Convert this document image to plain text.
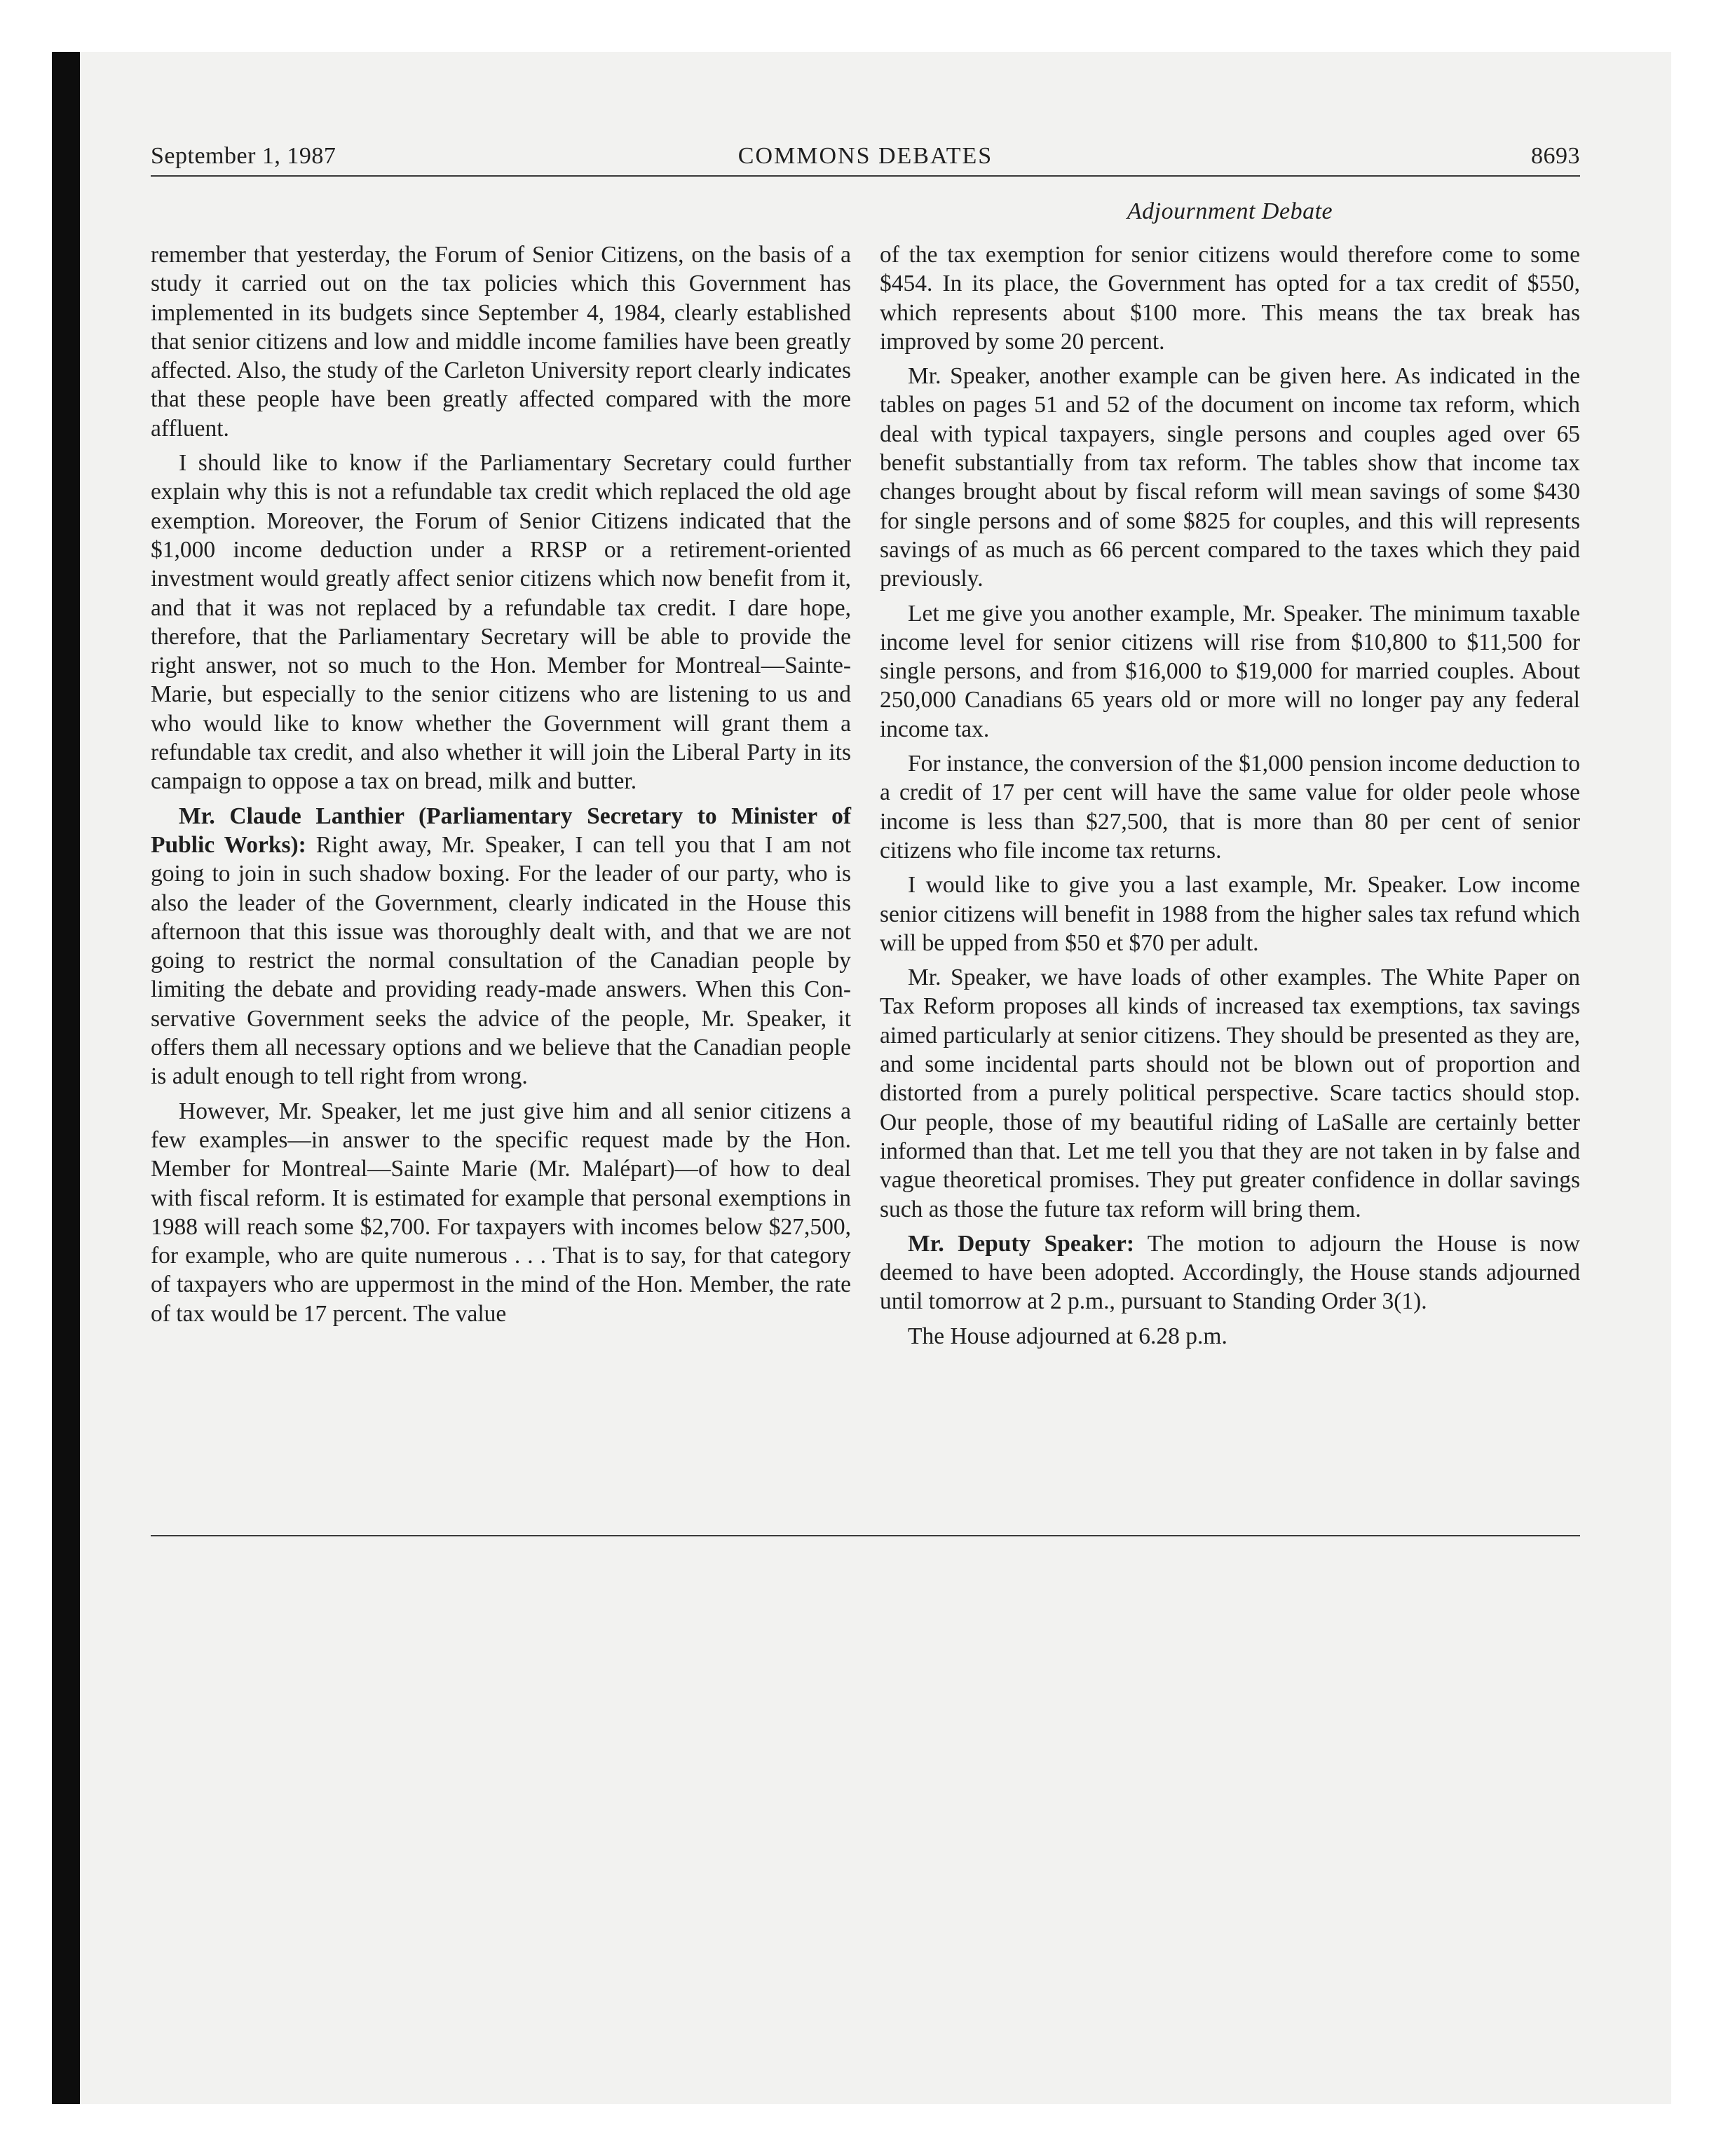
September 1, 1987	COMMONS DEBATES	8693
Adjournment Debate

remember that yesterday, the Forum of Senior Citizens, on the basis of a study it carried out on the tax policies which this Government has implemented in its budgets since September 4, 1984, clearly established that senior citizens and low and middle income families have been greatly affected. Also, the study of the Carleton University report clearly indicates that these people have been greatly affected compared with the more affluent.

I should like to know if the Parliamentary Secretary could further explain why this is not a refundable tax credit which replaced the old age exemption. Moreover, the Forum of Senior Citizens indicated that the $1,000 income deduction under a RRSP or a retirement-oriented investment would greatly affect senior citizens which now benefit from it, and that it was not replaced by a refundable tax credit. I dare hope, therefore, that the Parliamentary Secretary will be able to provide the right answer, not so much to the Hon. Member for Montreal—Sainte-Marie, but especially to the senior citizens who are listening to us and who would like to know whether the Government will grant them a refundable tax credit, and also whether it will join the Liberal Party in its campaign to oppose a tax on bread, milk and butter.

Mr. Claude Lanthier (Parliamentary Secretary to Minister of Public Works): Right away, Mr. Speaker, I can tell you that I am not going to join in such shadow boxing. For the leader of our party, who is also the leader of the Government, clearly indicated in the House this afternoon that this issue was thoroughly dealt with, and that we are not going to restrict the normal consultation of the Canadian people by limiting the debate and providing ready-made answers. When this Conservative Government seeks the advice of the people, Mr. Speaker, it offers them all necessary options and we believe that the Canadian people is adult enough to tell right from wrong.

However, Mr. Speaker, let me just give him and all senior citizens a few examples—in answer to the specific request made by the Hon. Member for Montreal—Sainte Marie (Mr. Malépart)—of how to deal with fiscal reform. It is estimated for example that personal exemptions in 1988 will reach some $2,700. For taxpayers with incomes below $27,500, for example, who are quite numerous . . . That is to say, for that category of taxpayers who are uppermost in the mind of the Hon. Member, the rate of tax would be 17 percent. The value

of the tax exemption for senior citizens would therefore come to some $454. In its place, the Government has opted for a tax credit of $550, which represents about $100 more. This means the tax break has improved by some 20 percent.

Mr. Speaker, another example can be given here. As indicated in the tables on pages 51 and 52 of the document on income tax reform, which deal with typical taxpayers, single persons and couples aged over 65 benefit substantially from tax reform. The tables show that income tax changes brought about by fiscal reform will mean savings of some $430 for single persons and of some $825 for couples, and this will represents savings of as much as 66 percent compared to the taxes which they paid previously.

Let me give you another example, Mr. Speaker. The minimum taxable income level for senior citizens will rise from $10,800 to $11,500 for single persons, and from $16,000 to $19,000 for married couples. About 250,000 Canadians 65 years old or more will no longer pay any federal income tax.

For instance, the conversion of the $1,000 pension income deduction to a credit of 17 per cent will have the same value for older peole whose income is less than $27,500, that is more than 80 per cent of senior citizens who file income tax returns.

I would like to give you a last example, Mr. Speaker. Low income senior citizens will benefit in 1988 from the higher sales tax refund which will be upped from $50 et $70 per adult.

Mr. Speaker, we have loads of other examples. The White Paper on Tax Reform proposes all kinds of increased tax exemptions, tax savings aimed particularly at senior citizens. They should be presented as they are, and some incidental parts should not be blown out of proportion and distorted from a purely political perspective. Scare tactics should stop. Our people, those of my beautiful riding of LaSalle are certainly better informed than that. Let me tell you that they are not taken in by false and vague theoretical promises. They put greater confidence in dollar savings such as those the future tax reform will bring them.

Mr. Deputy Speaker: The motion to adjourn the House is now deemed to have been adopted. Accordingly, the House stands adjourned until tomorrow at 2 p.m., pursuant to Standing Order 3(1).

The House adjourned at 6.28 p.m.
